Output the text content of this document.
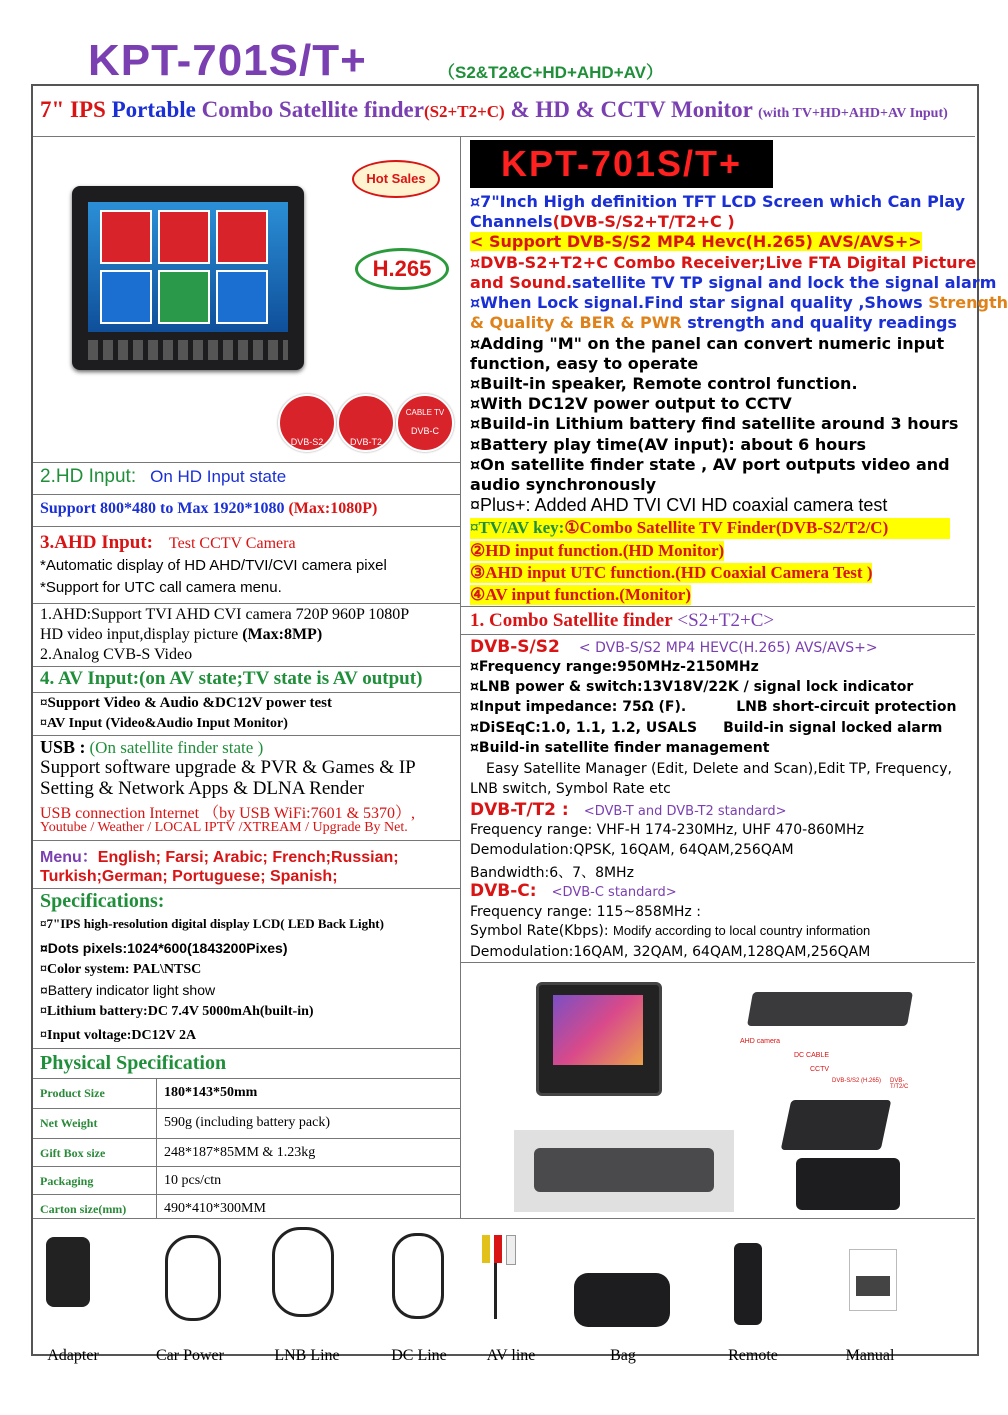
KPT-701S/T+	（S2&T2&C+HD+AHD+AV）
7" IPS Portable Combo Satellite finder(S2+T2+C) & HD & CCTV Monitor (with TV+HD+AHD+AV Input)
Hot Sales
H.265
$_{DVB-S2}$	$_{DVB-T2}$
CABLE TV
$_{DVB-C}$
2.HD Input: On HD Input state
Support 800*480 to Max 1920*1080 (Max:1080P)
3.AHD Input: Test CCTV Camera
*Automatic display of HD AHD/TVI/CVI camera pixel
*Support for UTC call camera menu.
1.AHD:Support TVI AHD CVI camera 720P 960P 1080P
HD video input,display picture (Max:8MP)
2.Analog CVB-S Video
4. AV Input:(on AV state;TV state is AV output)
¤Support Video & Audio &DC12V power test
¤AV Input (Video&Audio Input Monitor)
USB : (On satellite finder state )
Support software upgrade & PVR & Games & IP
Setting & Network Apps & DLNA Render
USB connection Internet （by USB WiFi:7601 & 5370）,
Youtube / Weather / LOCAL IPTV /XTREAM / Upgrade By Net.
Menu：English; Farsi; Arabic; French;Russian;
Turkish;German; Portuguese; Spanish;
Specifications:
¤7"IPS high-resolution digital display LCD( LED Back Light)
¤Dots pixels:1024*600(1843200Pixes)
¤Color system: PAL\NTSC
¤Battery indicator light show
¤Lithium battery:DC 7.4V 5000mAh(built-in)
¤Input voltage:DC12V 2A
Physical Specification
Product Size	180*143*50mm
Net Weight	590g (including battery pack)
Gift Box size	248*187*85MM & 1.23kg
Packaging	10 pcs/ctn
Carton size(mm)	490*410*300MM
KPT-701S/T+
¤7"Inch High definition TFT LCD Screen which Can Play
Channels(DVB-S/S2+T/T2+C )
< Support DVB-S/S2 MP4 Hevc(H.265) AVS/AVS+>
¤DVB-S2+T2+C Combo Receiver;Live FTA Digital Picture
and Sound.satellite TV TP signal and lock the signal alarm
¤When Lock signal.Find star signal quality ,Shows Strength
& Quality & BER & PWR strength and quality readings
¤Adding "M" on the panel can convert numeric input
function, easy to operate
¤Built-in speaker, Remote control function.
¤With DC12V power output to CCTV
¤Build-in Lithium battery find satellite around 3 hours
¤Battery play time(AV input): about 6 hours
¤On satellite finder state , AV port outputs video and
audio synchronously
¤Plus+: Added AHD TVI CVI HD coaxial camera test
¤TV/AV key:①Combo Satellite TV Finder(DVB-S2/T2/C)
②HD input function.(HD Monitor)
③AHD input UTC function.(HD Coaxial Camera Test )
④AV input function.(Monitor)
1. Combo Satellite finder <S2+T2+C>
DVB-S/S2 < DVB-S/S2 MP4 HEVC(H.265) AVS/AVS+>
¤Frequency range:950MHz-2150MHz
¤LNB power & switch:13V18V/22K / signal lock indicator
¤Input impedance: 75Ω (F).	LNB short-circuit protection
¤DiSEqC:1.0, 1.1, 1.2, USALS Build-in signal locked alarm
¤Build-in satellite finder management
Easy Satellite Manager (Edit, Delete and Scan),Edit TP, Frequency,
LNB switch, Symbol Rate etc
DVB-T/T2 : <DVB-T and DVB-T2 standard>
Frequency range: VHF-H 174-230MHz, UHF 470-860MHz
Demodulation:QPSK, 16QAM, 64QAM,256QAM
Bandwidth:6、7、8MHz
DVB-C: <DVB-C standard>
Frequency range: 115~858MHz :
Symbol Rate(Kbps): Modify according to local country information
Demodulation:16QAM, 32QAM, 64QAM,128QAM,256QAM
AHD camera
DC CABLE
CCTV
DVB-S/S2 (H.265) DVB-T/T2/C
Adapter	Car Power	LNB Line	DC Line	AV line	Bag	Remote	Manual
